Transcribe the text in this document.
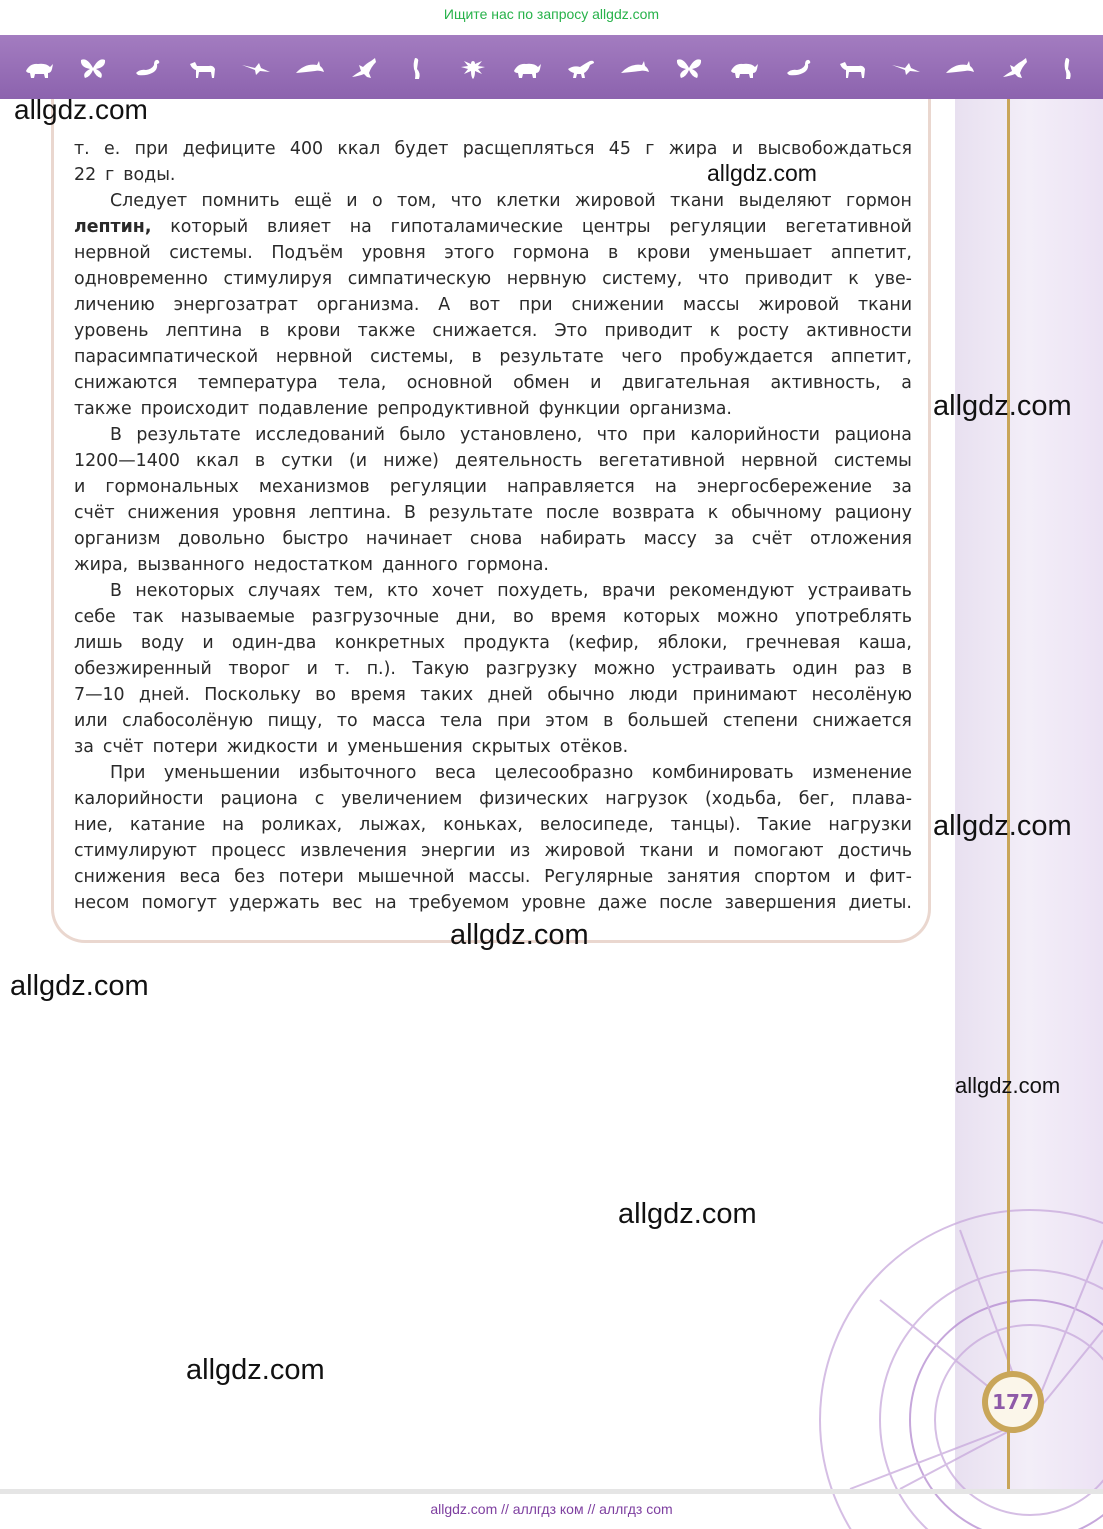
Ищите нас по запросу allgdz.com
т. е. при дефиците 400 ккал будет расщепляться 45 г жира и высвобождаться
22 г воды.
Следует помнить ещё и о том, что клетки жировой ткани выделяют гормон
лептин, который влияет на гипоталамические центры регуляции вегетативной
нервной системы. Подъём уровня этого гормона в крови уменьшает аппетит,
одновременно стимулируя симпатическую нервную систему, что приводит к уве-
личению энергозатрат организма. А вот при снижении массы жировой ткани
уровень лептина в крови также снижается. Это приводит к росту активности
парасимпатической нервной системы, в результате чего пробуждается аппетит,
снижаются температура тела, основной обмен и двигательная активность, а
также происходит подавление репродуктивной функции организма.
В результате исследований было установлено, что при калорийности рациона
1200—1400 ккал в сутки (и ниже) деятельность вегетативной нервной системы
и гормональных механизмов регуляции направляется на энергосбережение за
счёт снижения уровня лептина. В результате после возврата к обычному рациону
организм довольно быстро начинает снова набирать массу за счёт отложения
жира, вызванного недостатком данного гормона.
В некоторых случаях тем, кто хочет похудеть, врачи рекомендуют устраивать
себе так называемые разгрузочные дни, во время которых можно употреблять
лишь воду и один-два конкретных продукта (кефир, яблоки, гречневая каша,
обезжиренный творог и т. п.). Такую разгрузку можно устраивать один раз в
7—10 дней. Поскольку во время таких дней обычно люди принимают несолёную
или слабосолёную пищу, то масса тела при этом в большей степени снижается
за счёт потери жидкости и уменьшения скрытых отёков.
При уменьшении избыточного веса целесообразно комбинировать изменение
калорийности рациона с увеличением физических нагрузок (ходьба, бег, плава-
ние, катание на роликах, лыжах, коньках, велосипеде, танцы). Такие нагрузки
стимулируют процесс извлечения энергии из жировой ткани и помогают достичь
снижения веса без потери мышечной массы. Регулярные занятия спортом и фит-
несом помогут удержать вес на требуемом уровне даже после завершения диеты.
allgdz.com
allgdz.com
allgdz.com
allgdz.com
allgdz.com
allgdz.com
allgdz.com
allgdz.com
allgdz.com
177
allgdz.com // аллгдз ком // аллгдз com
